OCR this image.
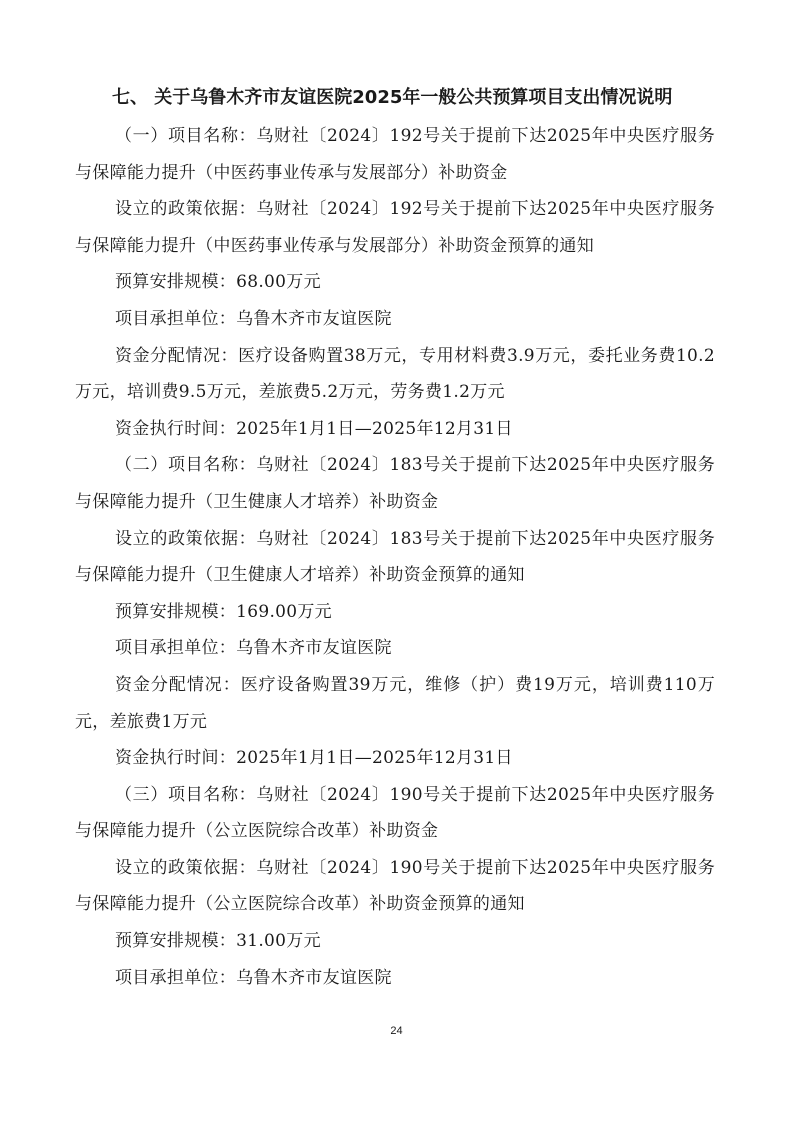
七、 关于乌鲁木齐市友谊医院2025年一般公共预算项目支出情况说明

（一）项目名称：乌财社〔2024〕192号关于提前下达2025年中央医疗服务与保障能力提升（中医药事业传承与发展部分）补助资金

设立的政策依据：乌财社〔2024〕192号关于提前下达2025年中央医疗服务与保障能力提升（中医药事业传承与发展部分）补助资金预算的通知

预算安排规模：68.00万元

项目承担单位：乌鲁木齐市友谊医院

资金分配情况：医疗设备购置38万元，专用材料费3.9万元，委托业务费10.2万元，培训费9.5万元，差旅费5.2万元，劳务费1.2万元

资金执行时间：2025年1月1日—2025年12月31日

（二）项目名称：乌财社〔2024〕183号关于提前下达2025年中央医疗服务与保障能力提升（卫生健康人才培养）补助资金

设立的政策依据：乌财社〔2024〕183号关于提前下达2025年中央医疗服务与保障能力提升（卫生健康人才培养）补助资金预算的通知

预算安排规模：169.00万元

项目承担单位：乌鲁木齐市友谊医院

资金分配情况：医疗设备购置39万元，维修（护）费19万元，培训费110万元，差旅费1万元

资金执行时间：2025年1月1日—2025年12月31日

（三）项目名称：乌财社〔2024〕190号关于提前下达2025年中央医疗服务与保障能力提升（公立医院综合改革）补助资金

设立的政策依据：乌财社〔2024〕190号关于提前下达2025年中央医疗服务与保障能力提升（公立医院综合改革）补助资金预算的通知

预算安排规模：31.00万元

项目承担单位：乌鲁木齐市友谊医院

24
